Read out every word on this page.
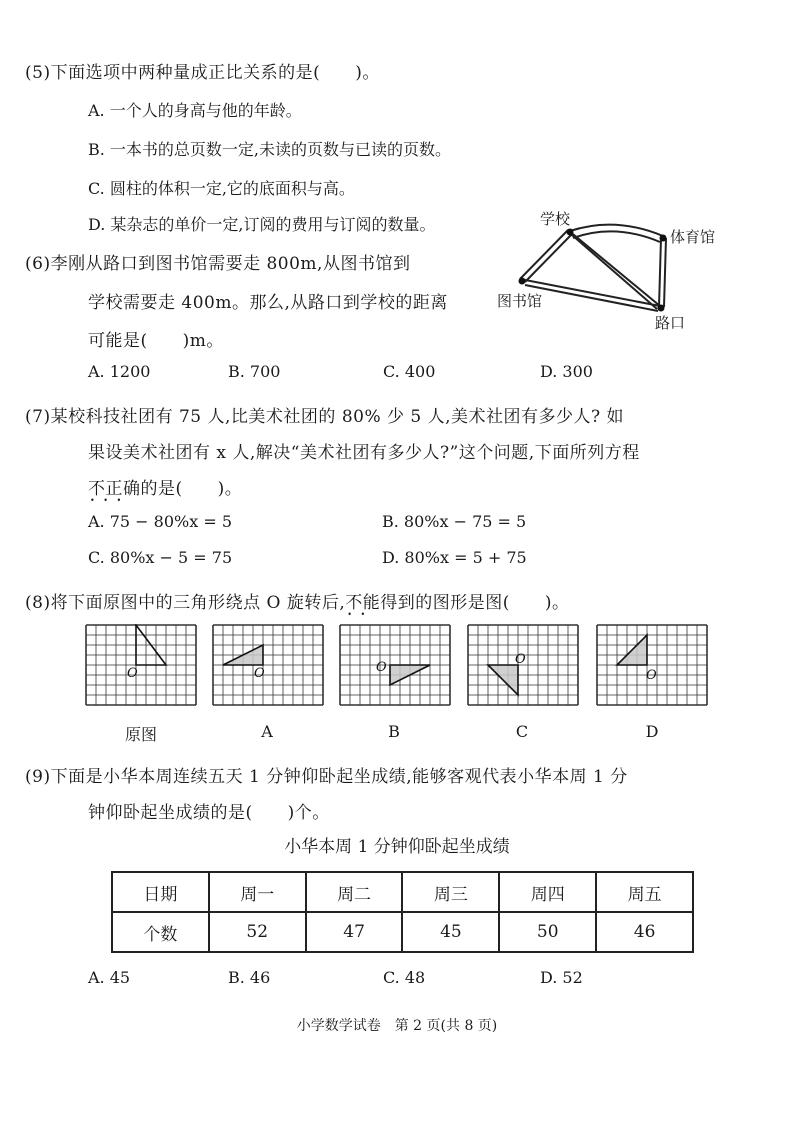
(5)下面选项中两种量成正比关系的是(　　)。
A. 一个人的身高与他的年龄。
B. 一本书的总页数一定,未读的页数与已读的页数。
C. 圆柱的体积一定,它的底面积与高。
D. 某杂志的单价一定,订阅的费用与订阅的数量。
(6)李刚从路口到图书馆需要走 800m,从图书馆到
学校需要走 400m。那么,从路口到学校的距离
可能是(　　)m。
A. 1200	B. 700	C. 400	D. 300
学校
体育馆
图书馆
路口
(7)某校科技社团有 75 人,比美术社团的 80% 少 5 人,美术社团有多少人? 如
果设美术社团有 x 人,解决“美术社团有多少人?”这个问题,下面所列方程
不正确 • • •的是(　　)。
A. 75 − 80%x = 5	B. 80%x − 75 = 5
C. 80%x − 5 = 75	D. 80%x = 5 + 75
(8)将下面原图中的三角形绕点 O 旋转后,不能 • •得到的图形是图(　　)。
O	O	O
O
O
原图	A	B	C	D
(9)下面是小华本周连续五天 1 分钟仰卧起坐成绩,能够客观代表小华本周 1 分
钟仰卧起坐成绩的是(　　)个。
小华本周 1 分钟仰卧起坐成绩
日期	周一	周二	周三	周四	周五
个数	52	47	45	50	46
A. 45	B. 46	C. 48	D. 52
小学数学试卷　第 2 页(共 8 页)
